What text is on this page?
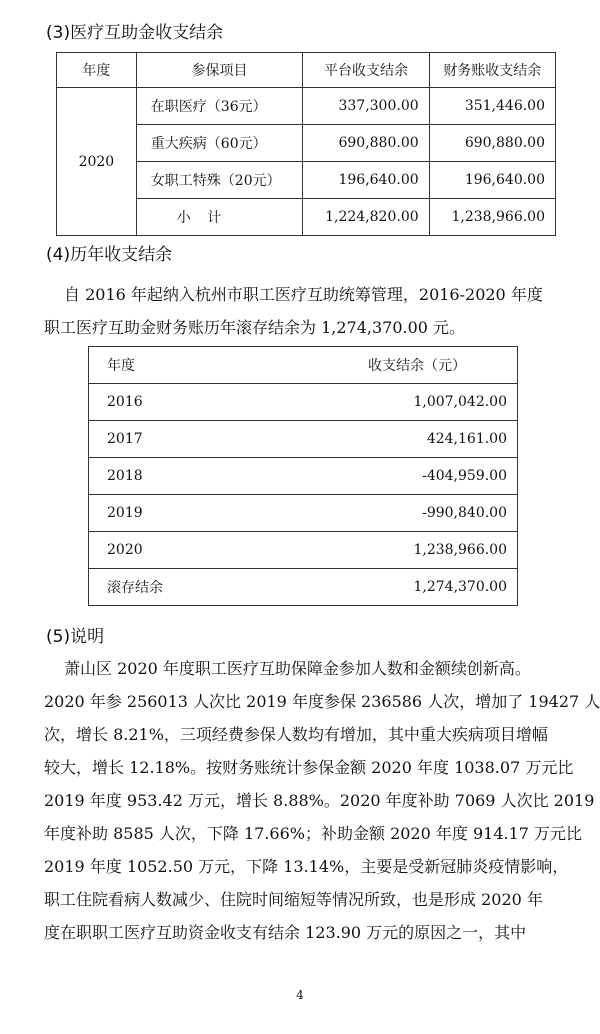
(3)医疗互助金收支结余
年度	参保项目	平台收支结余	财务账收支结余
2020	在职医疗（36元）	337,300.00	351,446.00
	重大疾病（60元）	690,880.00	690,880.00
	女职工特殊（20元）	196,640.00	196,640.00
	小 计	1,224,820.00	1,238,966.00
(4)历年收支结余
自 2016 年起纳入杭州市职工医疗互助统筹管理，2016-2020 年度
职工医疗互助金财务账历年滚存结余为 1,274,370.00 元。
年度	收支结余（元）
2016	1,007,042.00
2017	424,161.00
2018	-404,959.00
2019	-990,840.00
2020	1,238,966.00
滚存结余	1,274,370.00
(5)说明
萧山区 2020 年度职工医疗互助保障金参加人数和金额续创新高。
2020 年参 256013 人次比 2019 年度参保 236586 人次，增加了 19427 人
次，增长 8.21%，三项经费参保人数均有增加，其中重大疾病项目增幅
较大，增长 12.18%。按财务账统计参保金额 2020 年度 1038.07 万元比
2019 年度 953.42 万元，增长 8.88%。2020 年度补助 7069 人次比 2019
年度补助 8585 人次，下降 17.66%；补助金额 2020 年度 914.17 万元比
2019 年度 1052.50 万元，下降 13.14%，主要是受新冠肺炎疫情影响，
职工住院看病人数减少、住院时间缩短等情况所致，也是形成 2020 年
度在职职工医疗互助资金收支有结余 123.90 万元的原因之一，其中
4
